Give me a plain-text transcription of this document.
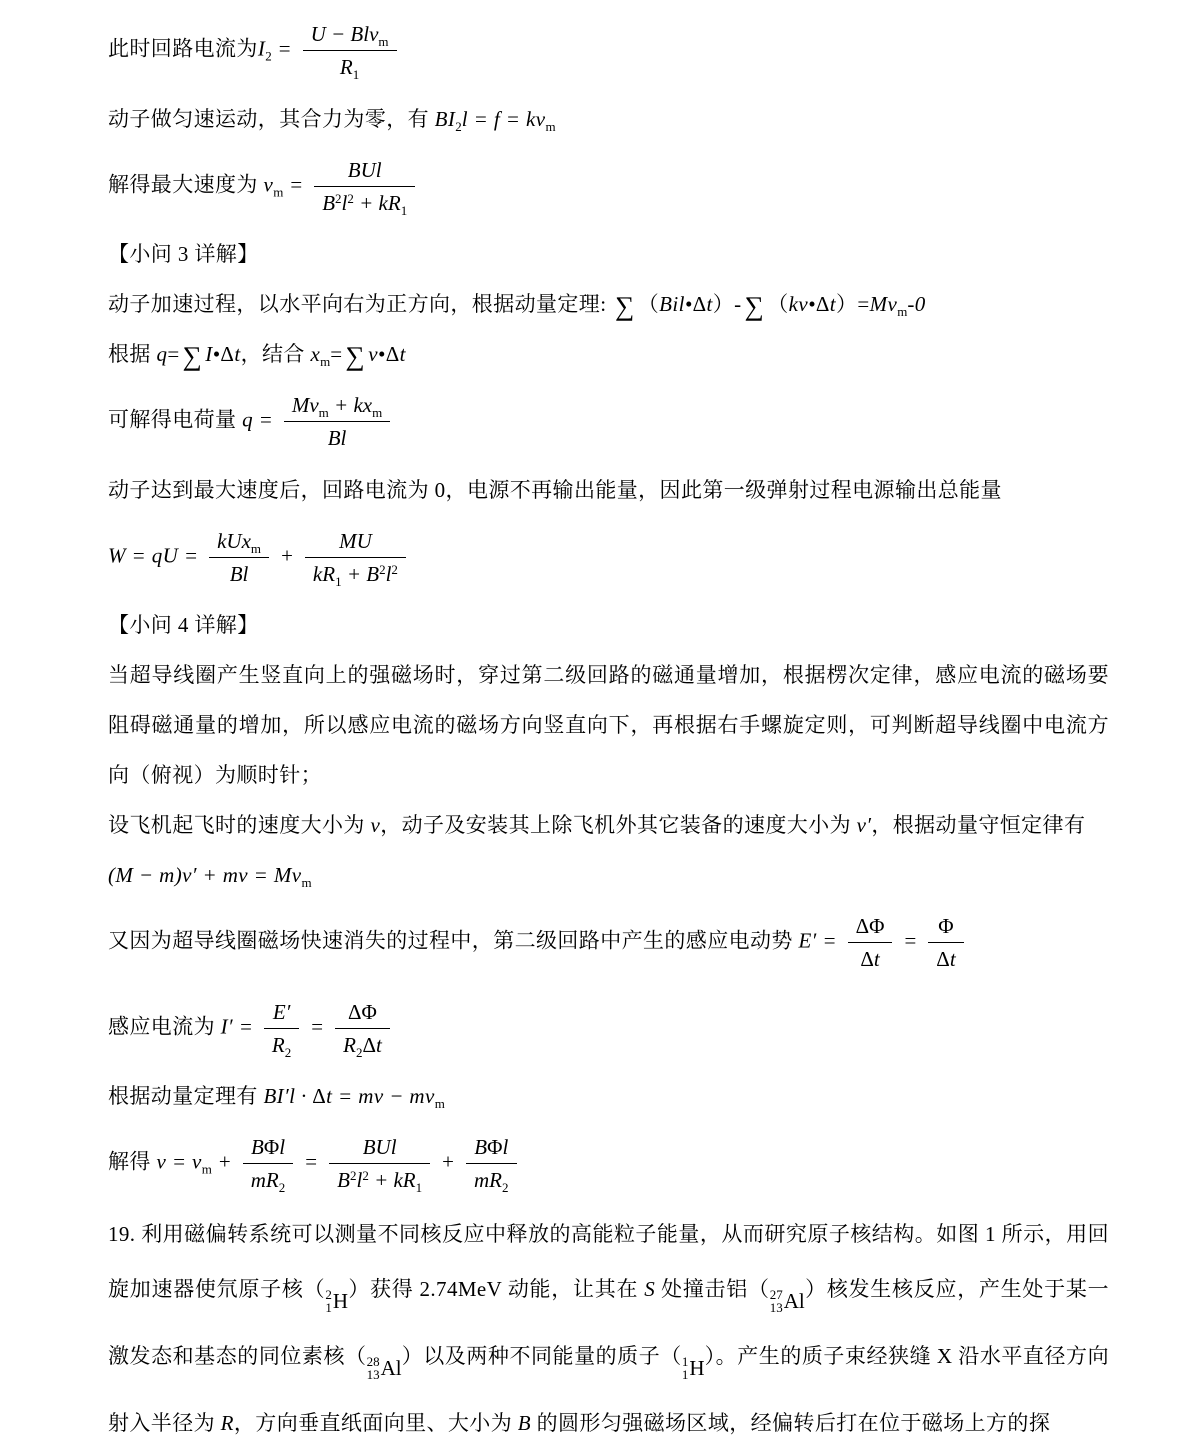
此时回路电流为$I_2 = \frac{U - Blv_m}{R_1}$
动子做匀速运动，其合力为零，有 $BI_2l = f = kv_m$
解得最大速度为 $v_m = \frac{\text{BUl}}{B^2l^2 + kR_1}$
【小问 3 详解】
动子加速过程，以水平向右为正方向，根据动量定理: ∑ （Bil•Δt）- ∑ $(kv•\Delta t)=Mv_m-0$
根据 q= ∑ I•Δt，结合 $x_m=$ ∑ v•Δt
可解得电荷量 $q = \frac{Mv_m + kx_m}{Bl}$
动子达到最大速度后，回路电流为 0，电源不再输出能量，因此第一级弹射过程电源输出总能量
W = qU = $\frac{kUx_m}{Bl} + \frac{MU}{kR_1 + B^2l^2}$
【小问 4 详解】
当超导线圈产生竖直向上的强磁场时，穿过第二级回路的磁通量增加，根据楞次定律，感应电流的磁场要阻碍磁通量的增加，所以感应电流的磁场方向竖直向下，再根据右手螺旋定则，可判断超导线圈中电流方向（俯视）为顺时针；
设飞机起飞时的速度大小为 v，动子及安装其上除飞机外其它装备的速度大小为 v′，根据动量守恒定律有
(M − m)v′ + mv = $Mv_m$
又因为超导线圈磁场快速消失的过程中，第二级回路中产生的感应电动势 $E' = \frac{\Delta\Phi}{\Delta t} = \frac{\Phi}{\Delta t}$
感应电流为 $I' = \frac{E'}{R_2} = \frac{\Delta\Phi}{R_2\Delta t}$
根据动量定理有 BI′l · Δt = mv − $mv_m$
解得 $v = v_m + \frac{\text{BΦl}}{mR_2} = \frac{\text{BUl}}{B^2l^2 + kR_1} + \frac{\text{BΦl}}{mR_2}$
19. 利用磁偏转系统可以测量不同核反应中释放的高能粒子能量，从而研究原子核结构。如图 1 所示，用回旋加速器使氘原子核（ 2
1 H
）获得 2.74MeV 动能，让其在 S 处撞击铝（ 27
13 Al
）核发生核反应，产生处于某一激发态和基态的同位素核（ 28
13 Al
）以及两种不同能量的质子（ 1
1 H
）。产生的质子束经狭缝 X 沿水平直径方向射入半径为 R，方向垂直纸面向里、大小为 B 的圆形匀强磁场区域，经偏转后打在位于磁场上方的探
